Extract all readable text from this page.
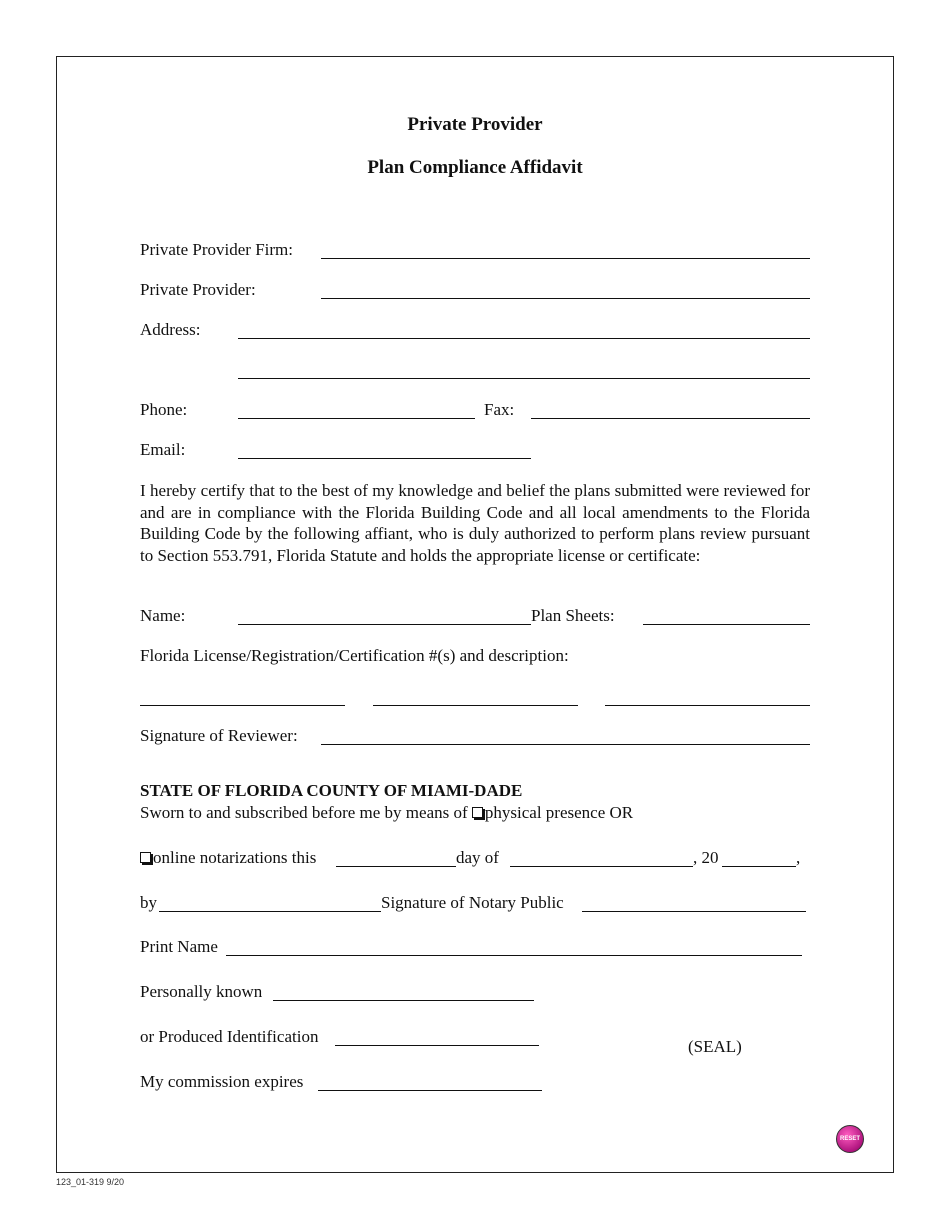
Private Provider
Plan Compliance Affidavit
Private Provider Firm:
Private Provider:
Address:
Phone:	Fax:
Email:
I hereby certify that to the best of my knowledge and belief the plans submitted were reviewed for and are in compliance with the Florida Building Code and all local amendments to the Florida Building Code by the following affiant, who is duly authorized to perform plans review pursuant to Section 553.791, Florida Statute and holds the appropriate license or certificate:
Name:	Plan Sheets:
Florida License/Registration/Certification #(s) and description:
Signature of Reviewer:
STATE OF FLORIDA COUNTY OF MIAMI-DADE
Sworn to and subscribed before me by means of physical presence OR
online notarizations this	day of	, 20	,
by	Signature of Notary Public
Print Name
Personally known
or Produced Identification
(SEAL)
My commission expires
RESET
123_01-319 9/20
